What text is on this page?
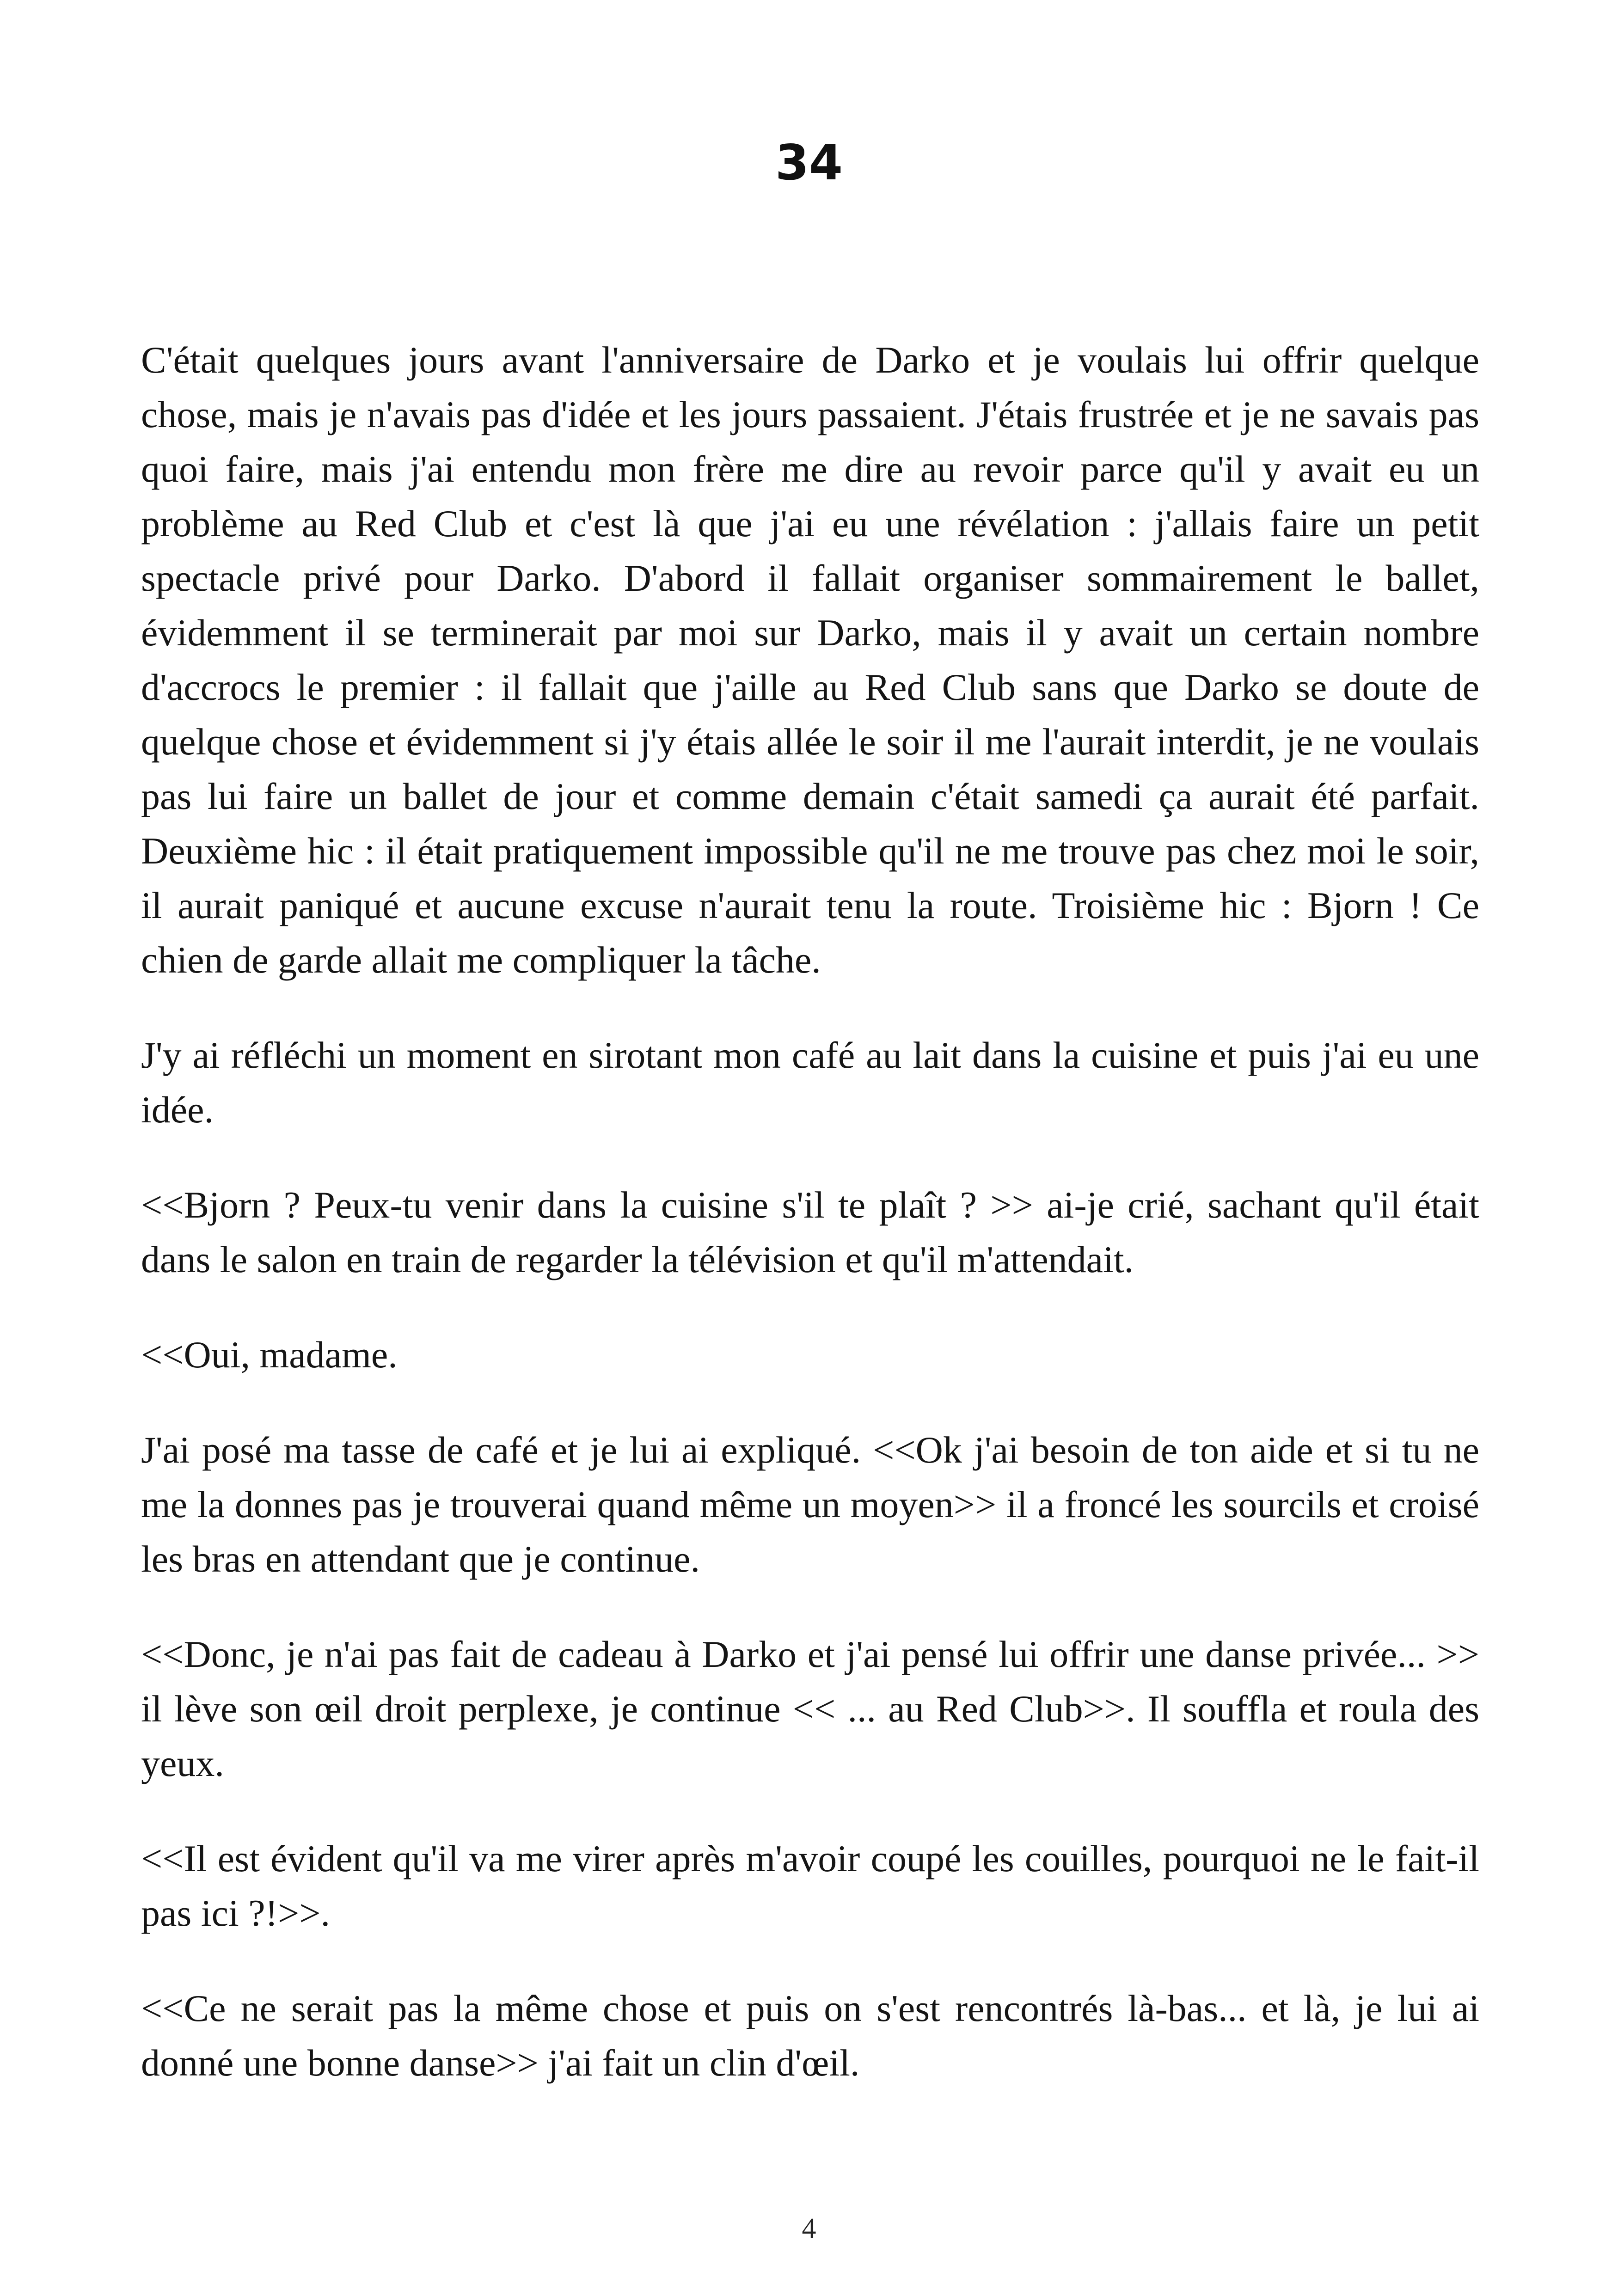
34

C'était quelques jours avant l'anniversaire de Darko et je voulais lui offrir quelque chose, mais je n'avais pas d'idée et les jours passaient. J'étais frustrée et je ne savais pas quoi faire, mais j'ai entendu mon frère me dire au revoir parce qu'il y avait eu un problème au Red Club et c'est là que j'ai eu une révélation : j'allais faire un petit spectacle privé pour Darko. D'abord il fallait organiser sommairement le ballet, évidemment il se terminerait par moi sur Darko, mais il y avait un certain nombre d'accrocs le premier : il fallait que j'aille au Red Club sans que Darko se doute de quelque chose et évidemment si j'y étais allée le soir il me l'aurait interdit, je ne voulais pas lui faire un ballet de jour et comme demain c'était samedi ça aurait été parfait. Deuxième hic : il était pratiquement impossible qu'il ne me trouve pas chez moi le soir, il aurait paniqué et aucune excuse n'aurait tenu la route. Troisième hic : Bjorn ! Ce chien de garde allait me compliquer la tâche.

J'y ai réfléchi un moment en sirotant mon café au lait dans la cuisine et puis j'ai eu une idée.

<<Bjorn ? Peux-tu venir dans la cuisine s'il te plaît ? >> ai-je crié, sachant qu'il était dans le salon en train de regarder la télévision et qu'il m'attendait.

<<Oui, madame.

J'ai posé ma tasse de café et je lui ai expliqué. <<Ok j'ai besoin de ton aide et si tu ne me la donnes pas je trouverai quand même un moyen>> il a froncé les sourcils et croisé les bras en attendant que je continue.

<<Donc, je n'ai pas fait de cadeau à Darko et j'ai pensé lui offrir une danse privée... >> il lève son œil droit perplexe, je continue << ... au Red Club>>. Il souffla et roula des yeux.

<<Il est évident qu'il va me virer après m'avoir coupé les couilles, pourquoi ne le fait-il pas ici ?!>>.

<<Ce ne serait pas la même chose et puis on s'est rencontrés là-bas... et là, je lui ai donné une bonne danse>> j'ai fait un clin d'œil.

4
